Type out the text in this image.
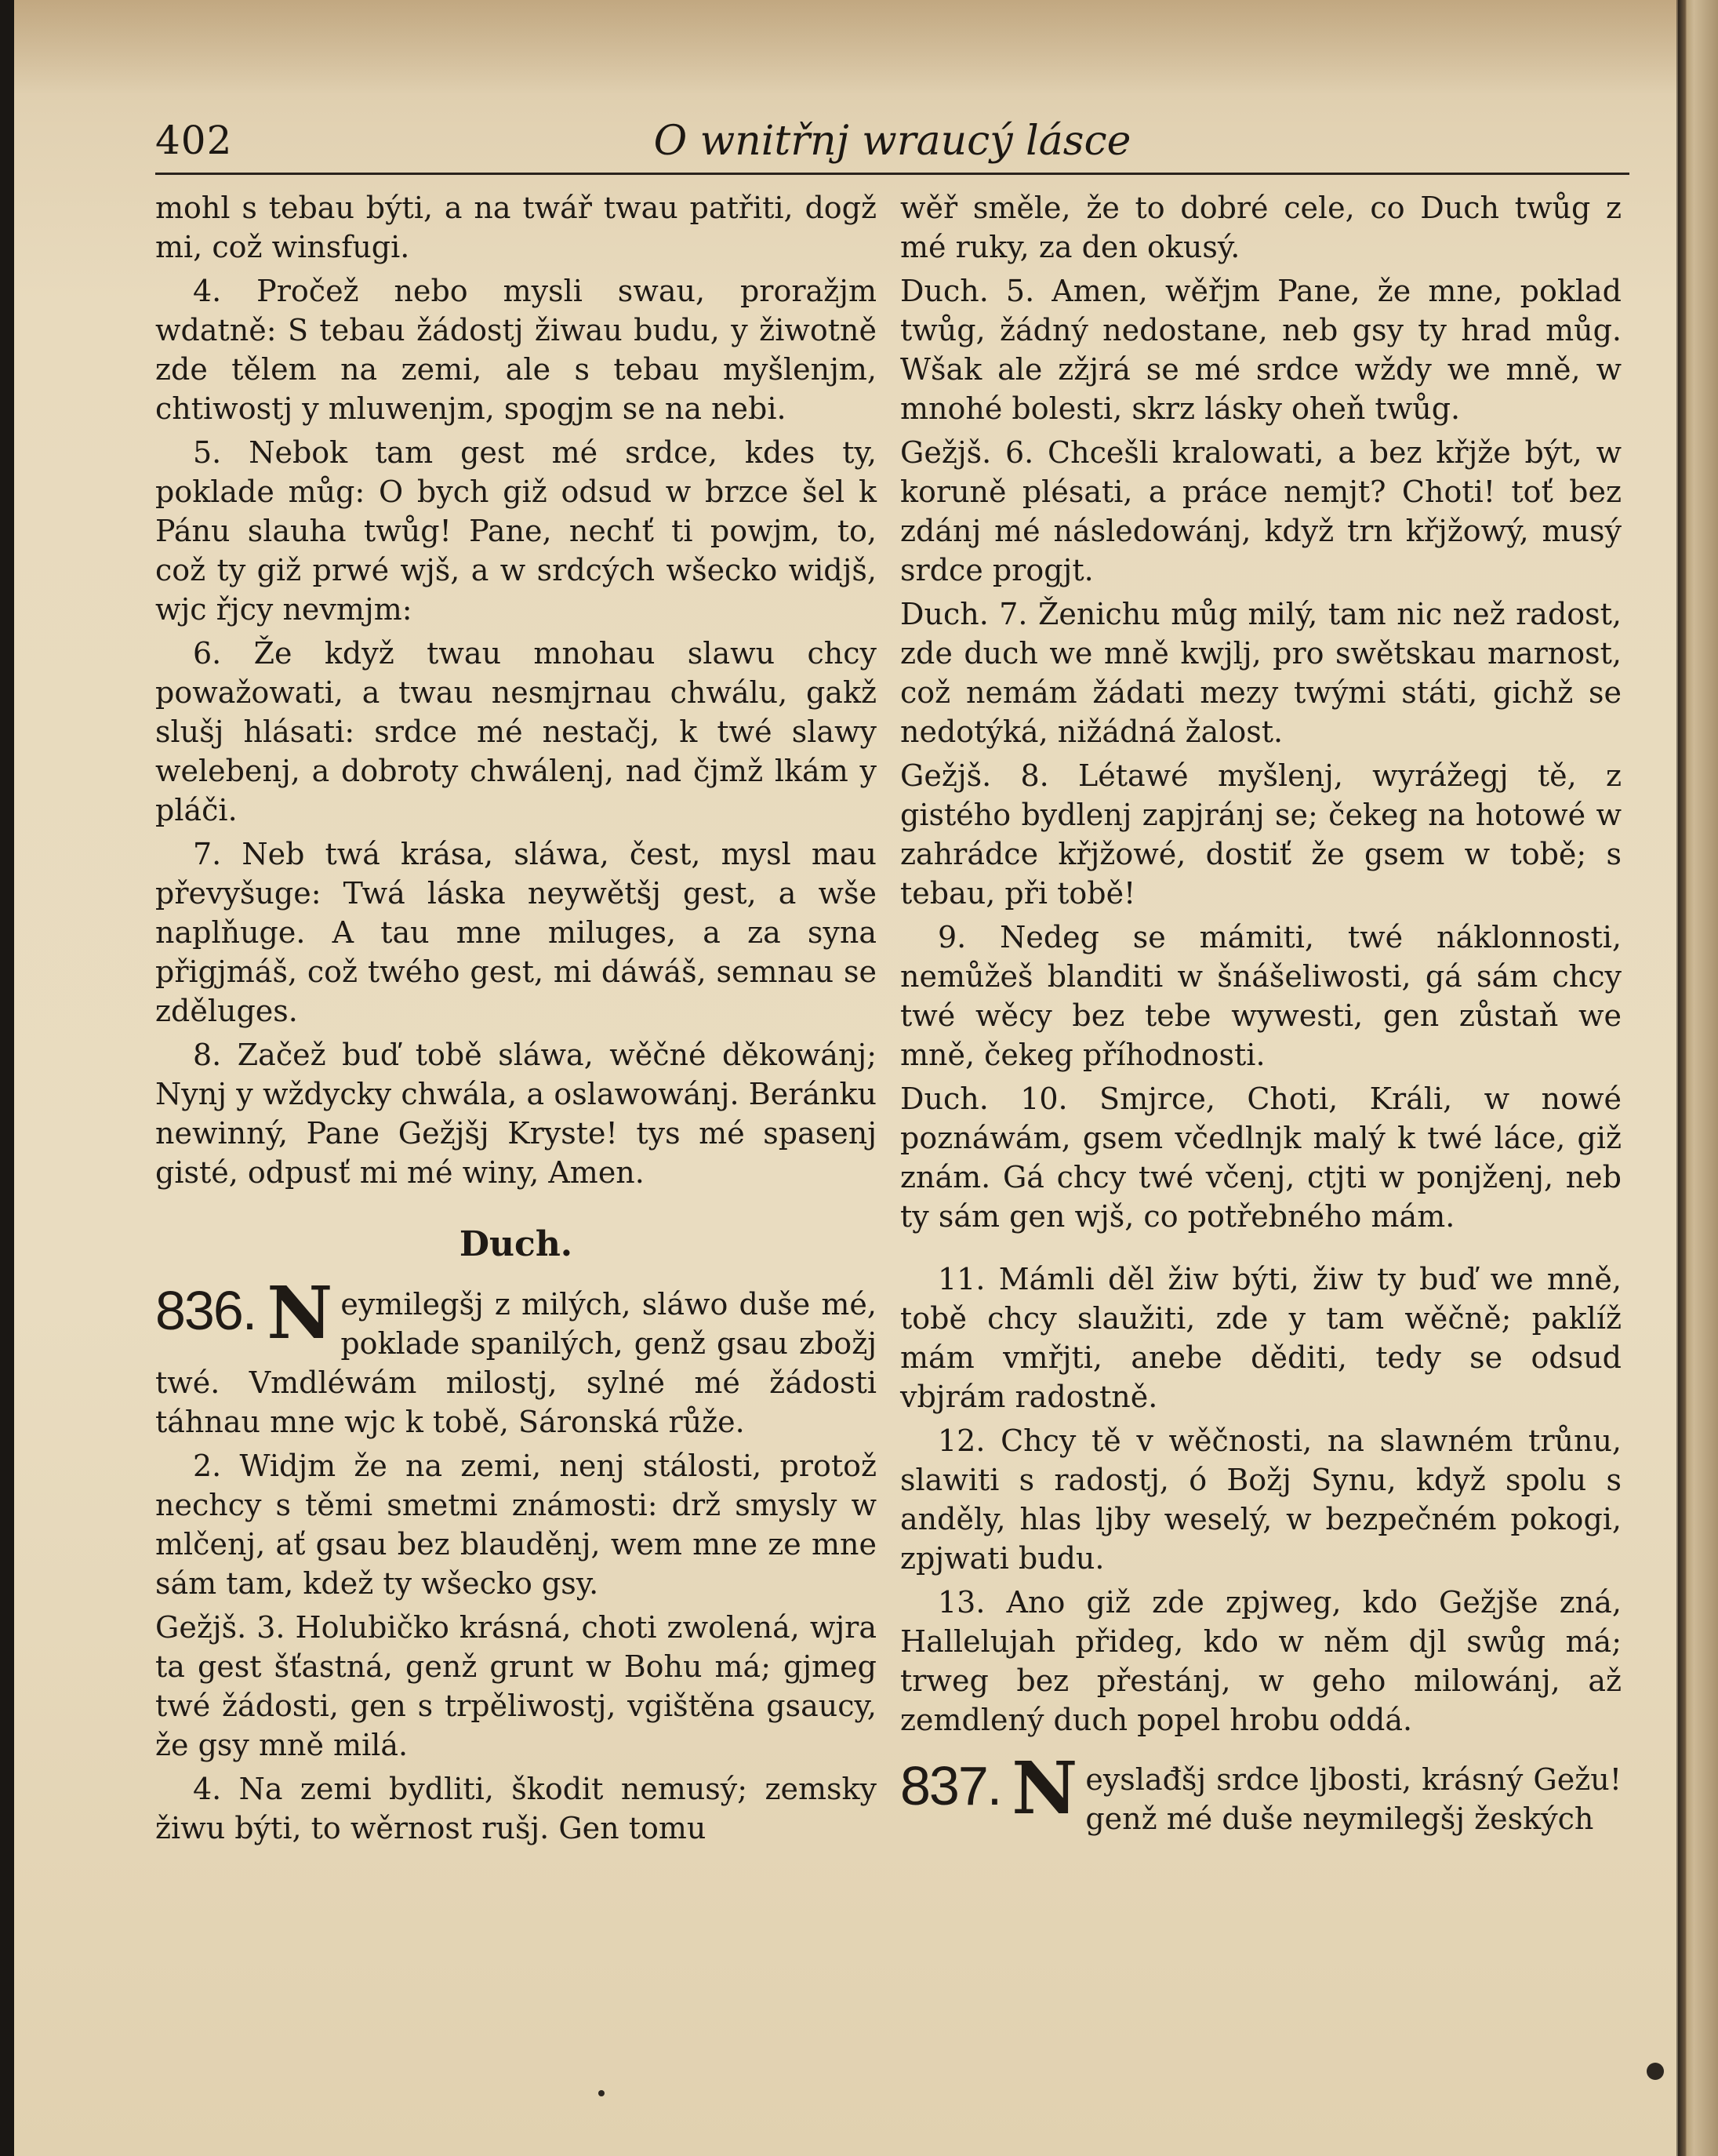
402	O wnitřnj wraucý lásce

mohl s tebau býti, a na twář twau patřiti, dogž mi, což winsfugi.

4. Pročež nebo mysli swau, proražjm wdatně: S tebau žádostj žiwau budu, y žiwotně zde tělem na zemi, ale s tebau myšlenjm, chtiwostj y mluwenjm, spogjm se na nebi.

5. Nebok tam gest mé srdce, kdes ty, poklade můg: O bych giž odsud w brzce šel k Pánu slauha twůg! Pane, nechť ti powjm, to, což ty giž prwé wjš, a w srdcých wšecko widjš, wjc řjcy nevmjm:

6. Že když twau mnohau slawu chcy powažowati, a twau nesmjrnau chwálu, gakž slušj hlásati: srdce mé nestačj, k twé slawy welebenj, a dobroty chwálenj, nad čjmž lkám y pláči.

7. Neb twá krása, sláwa, čest, mysl mau převyšuge: Twá láska neywětšj gest, a wše naplňuge. A tau mne miluges, a za syna přigjmáš, což twého gest, mi dáwáš, semnau se zděluges.

8. Začež buď tobě sláwa, wěčné děkowánj; Nynj y wždycky chwála, a oslawowánj. Beránku newinný, Pane Gežjšj Kryste! tys mé spasenj gisté, odpusť mi mé winy, Amen.

Duch.
836. N eymilegšj z milých, sláwo duše mé, poklade spanilých, genž gsau zbožj twé. Vmdléwám milostj, sylné mé žádosti táhnau mne wjc k tobě, Sáronská růže.

2. Widjm že na zemi, nenj stálosti, protož nechcy s těmi smetmi známosti: drž smysly w mlčenj, ať gsau bez blauděnj, wem mne ze mne sám tam, kdež ty wšecko gsy.

Gežjš. 3. Holubičko krásná, choti zwolená, wjra ta gest šťastná, genž grunt w Bohu má; gjmeg twé žádosti, gen s trpěliwostj, vgištěna gsaucy, že gsy mně milá.

4. Na zemi bydliti, škodit nemusý; zemsky žiwu býti, to wěrnost rušj. Gen tomu

wěř směle, že to dobré cele, co Duch twůg z mé ruky, za den okusý.

Duch. 5. Amen, wěřjm Pane, že mne, poklad twůg, žádný nedostane, neb gsy ty hrad můg. Wšak ale zžjrá se mé srdce wždy we mně, w mnohé bolesti, skrz lásky oheň twůg.

Gežjš. 6. Chcešli kralowati, a bez křjže být, w koruně plésati, a práce nemjt? Choti! toť bez zdánj mé následowánj, když trn křjžowý, musý srdce progjt.

Duch. 7. Ženichu můg milý, tam nic než radost, zde duch we mně kwjlj, pro swětskau marnost, což nemám žádati mezy twými státi, gichž se nedotýká, nižádná žalost.

Gežjš. 8. Létawé myšlenj, wyrážegj tě, z gistého bydlenj zapjránj se; čekeg na hotowé w zahrádce křjžowé, dostiť že gsem w tobě; s tebau, při tobě!

9. Nedeg se mámiti, twé náklonnosti, nemůžeš blanditi w šnášeliwosti, gá sám chcy twé wěcy bez tebe wywesti, gen zůstaň we mně, čekeg příhodnosti.

Duch. 10. Smjrce, Choti, Králi, w nowé poznáwám, gsem včedlnjk malý k twé láce, giž znám. Gá chcy twé včenj, ctjti w ponjženj, neb ty sám gen wjš, co potřebného mám.

11. Mámli děl žiw býti, žiw ty buď we mně, tobě chcy slaužiti, zde y tam wěčně; paklíž mám vmřjti, anebe děditi, tedy se odsud vbjrám radostně.

12. Chcy tě v wěčnosti, na slawném trůnu, slawiti s radostj, ó Božj Synu, když spolu s anděly, hlas ljby weselý, w bezpečném pokogi, zpjwati budu.

13. Ano giž zde zpjweg, kdo Gežjše zná, Hallelujah přideg, kdo w něm djl swůg má; trweg bez přestánj, w geho milowánj, až zemdlený duch popel hrobu oddá.

837. N eyslađšj srdce ljbosti, krásný Gežu! genž mé duše neymilegšj žeských
